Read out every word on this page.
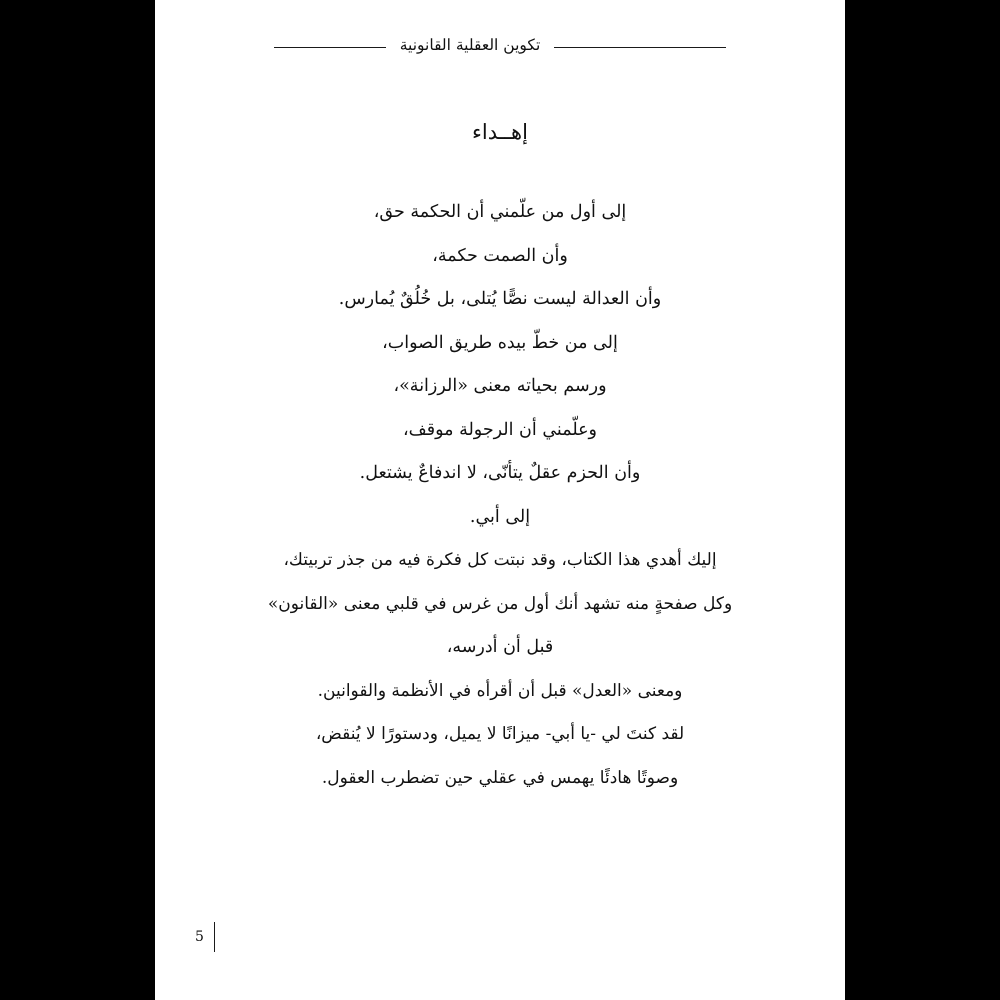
تكوين العقلية القانونية
إهــداء
إلى أول من علّمني أن الحكمة حق،
وأن الصمت حكمة،
وأن العدالة ليست نصًّا يُتلى، بل خُلُقٌ يُمارس.
إلى من خطّ بيده طريق الصواب،
ورسم بحياته معنى «الرزانة»،
وعلّمني أن الرجولة موقف،
وأن الحزم عقلٌ يتأنّى، لا اندفاعٌ يشتعل.
إلى أبي.
إليك أهدي هذا الكتاب، وقد نبتت كل فكرة فيه من جذر تربيتك،
وكل صفحةٍ منه تشهد أنك أول من غرس في قلبي معنى «القانون»
قبل أن أدرسه،
ومعنى «العدل» قبل أن أقرأه في الأنظمة والقوانين.
لقد كنتَ لي -يا أبي- ميزانًا لا يميل، ودستورًا لا يُنقض،
وصوتًا هادئًا يهمس في عقلي حين تضطرب العقول.
5
